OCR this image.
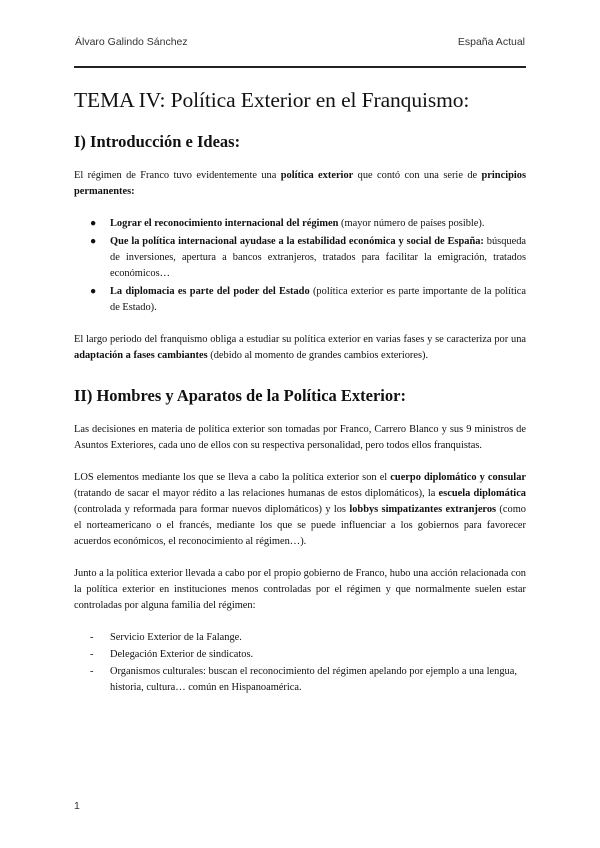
Álvaro Galindo Sánchez	España Actual
TEMA IV: Política Exterior en el Franquismo:
I) Introducción e Ideas:

El régimen de Franco tuvo evidentemente una política exterior que contó con una serie de principios permanentes:

● Lograr el reconocimiento internacional del régimen (mayor número de países posible).
● Que la política internacional ayudase a la estabilidad económica y social de España: búsqueda de inversiones, apertura a bancos extranjeros, tratados para facilitar la emigración, tratados económicos…
● La diplomacia es parte del poder del Estado (política exterior es parte importante de la política de Estado).

El largo periodo del franquismo obliga a estudiar su política exterior en varias fases y se caracteriza por una adaptación a fases cambiantes (debido al momento de grandes cambios exteriores).

II) Hombres y Aparatos de la Política Exterior:

Las decisiones en materia de política exterior son tomadas por Franco, Carrero Blanco y sus 9 ministros de Asuntos Exteriores, cada uno de ellos con su respectiva personalidad, pero todos ellos franquistas.

LOS elementos mediante los que se lleva a cabo la política exterior son el cuerpo diplomático y consular (tratando de sacar el mayor rédito a las relaciones humanas de estos diplomáticos), la escuela diplomática (controlada y reformada para formar nuevos diplomáticos) y los lobbys simpatizantes extranjeros (como el norteamericano o el francés, mediante los que se puede influenciar a los gobiernos para favorecer acuerdos económicos, el reconocimiento al régimen…).

Junto a la política exterior llevada a cabo por el propio gobierno de Franco, hubo una acción relacionada con la política exterior en instituciones menos controladas por el régimen y que normalmente suelen estar controladas por alguna familia del régimen:

- Servicio Exterior de la Falange.
- Delegación Exterior de sindicatos.
- Organismos culturales: buscan el reconocimiento del régimen apelando por ejemplo a una lengua, historia, cultura… común en Hispanoamérica.
1
